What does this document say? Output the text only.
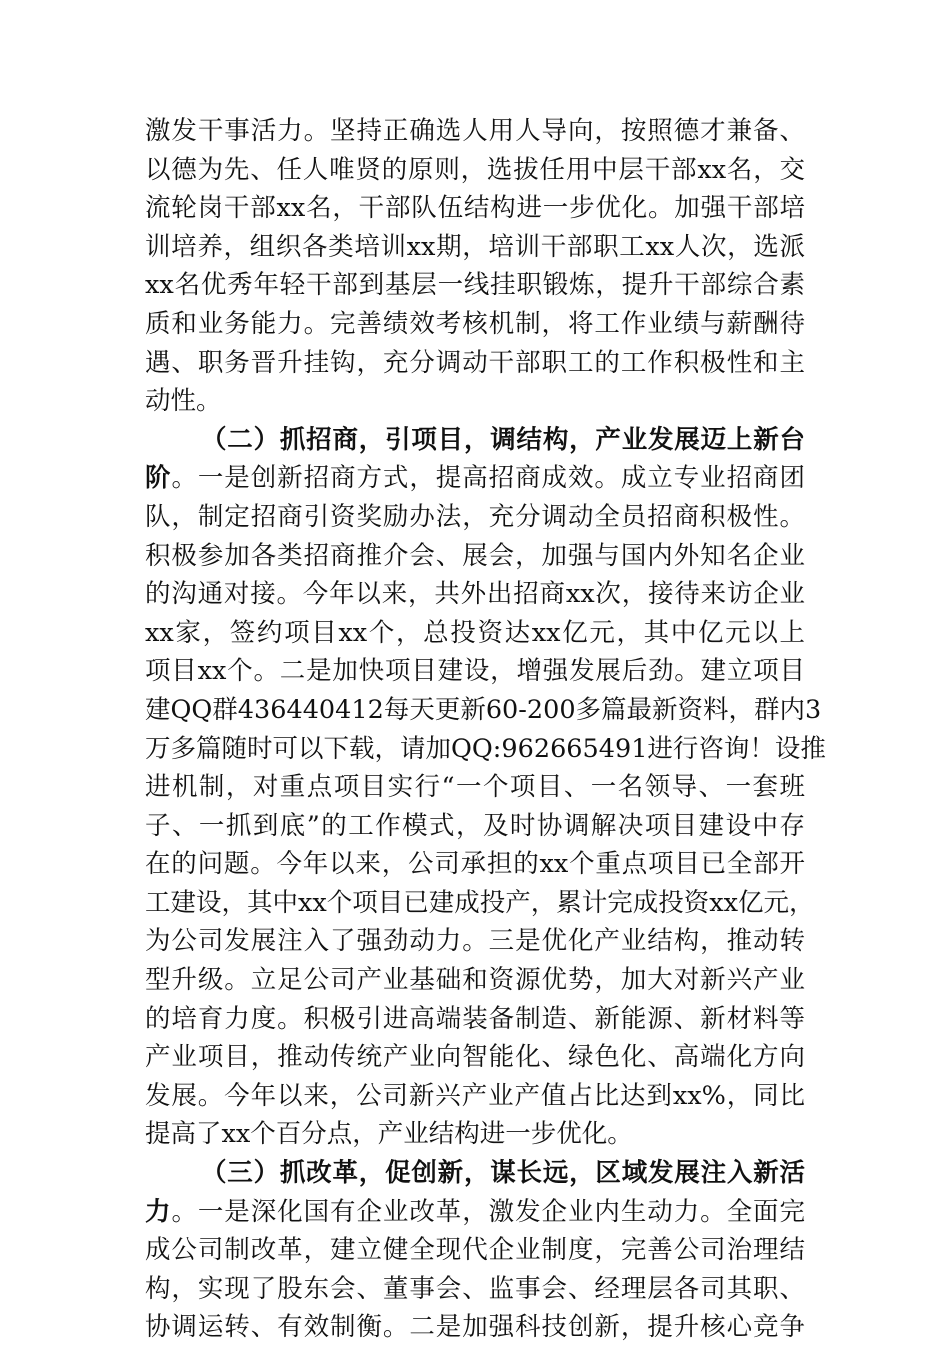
激发干事活力。坚持正确选人用人导向，按照德才兼备、
以德为先、任人唯贤的原则，选拔任用中层干部xx名，交
流轮岗干部xx名，干部队伍结构进一步优化。加强干部培
训培养，组织各类培训xx期，培训干部职工xx人次，选派
xx名优秀年轻干部到基层一线挂职锻炼，提升干部综合素
质和业务能力。完善绩效考核机制，将工作业绩与薪酬待
遇、职务晋升挂钩，充分调动干部职工的工作积极性和主
动性。
（二）抓招商，引项目，调结构，产业发展迈上新台
阶。一是创新招商方式，提高招商成效。成立专业招商团
队，制定招商引资奖励办法，充分调动全员招商积极性。
积极参加各类招商推介会、展会，加强与国内外知名企业
的沟通对接。今年以来，共外出招商xx次，接待来访企业
xx家，签约项目xx个，总投资达xx亿元，其中亿元以上
项目xx个。二是加快项目建设，增强发展后劲。建立项目
建QQ群436440412每天更新60-200多篇最新资料，群内3
万多篇随时可以下载，请加QQ:962665491进行咨询！设推
进机制，对重点项目实行“一个项目、一名领导、一套班
子、一抓到底”的工作模式，及时协调解决项目建设中存
在的问题。今年以来，公司承担的xx个重点项目已全部开
工建设，其中xx个项目已建成投产，累计完成投资xx亿元，
为公司发展注入了强劲动力。三是优化产业结构，推动转
型升级。立足公司产业基础和资源优势，加大对新兴产业
的培育力度。积极引进高端装备制造、新能源、新材料等
产业项目，推动传统产业向智能化、绿色化、高端化方向
发展。今年以来，公司新兴产业产值占比达到xx%，同比
提高了xx个百分点，产业结构进一步优化。
（三）抓改革，促创新，谋长远，区域发展注入新活
力。一是深化国有企业改革，激发企业内生动力。全面完
成公司制改革，建立健全现代企业制度，完善公司治理结
构，实现了股东会、董事会、监事会、经理层各司其职、
协调运转、有效制衡。二是加强科技创新，提升核心竞争
